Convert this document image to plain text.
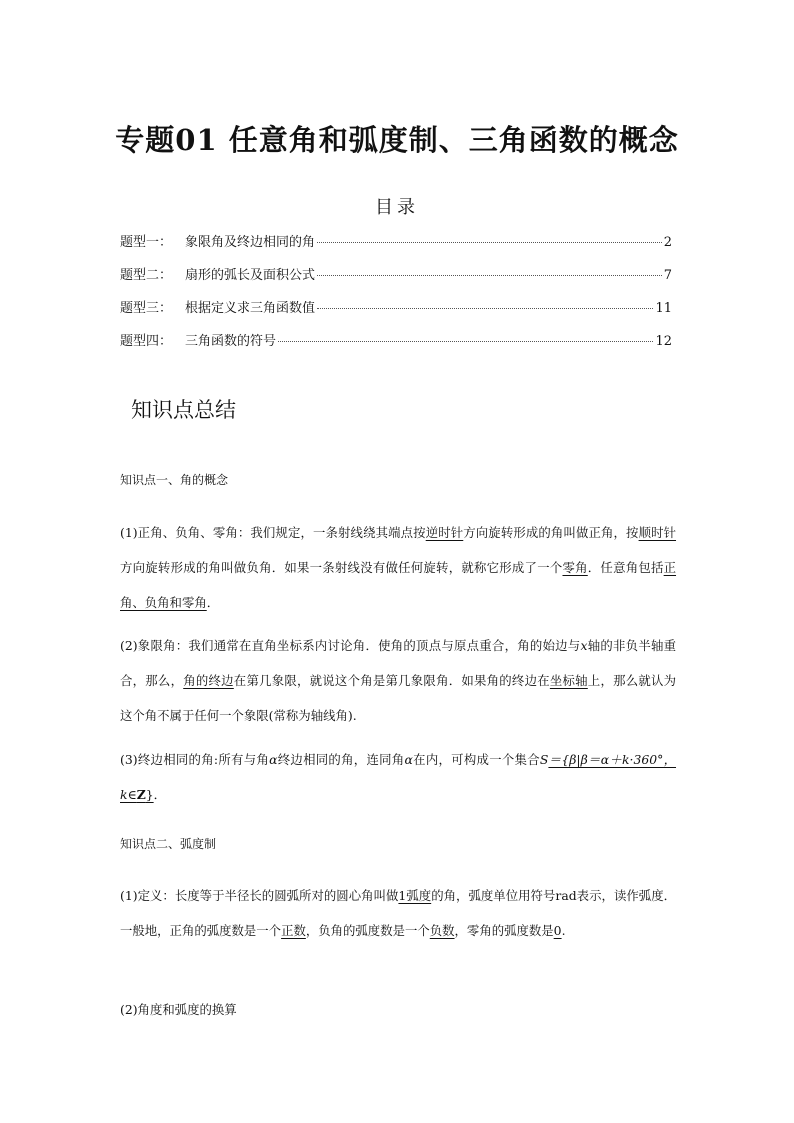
专题01 任意角和弧度制、三角函数的概念
目录
题型一： 象限角及终边相同的角	2
题型二： 扇形的弧长及面积公式	7
题型三： 根据定义求三角函数值	11
题型四： 三角函数的符号	12
知识点总结
知识点一、角的概念
(1)正角、负角、零角：我们规定，一条射线绕其端点按逆时针方向旋转形成的角叫做正角，按顺时针方向旋转形成的角叫做负角．如果一条射线没有做任何旋转，就称它形成了一个零角．任意角包括正角、负角和零角．
(2)象限角：我们通常在直角坐标系内讨论角．使角的顶点与原点重合，角的始边与x轴的非负半轴重合，那么，角的终边在第几象限，就说这个角是第几象限角．如果角的终边在坐标轴上，那么就认为这个角不属于任何一个象限(常称为轴线角).
(3)终边相同的角:所有与角α终边相同的角，连同角α在内，可构成一个集合S＝{β|β＝α＋k·360°，k∈Z}．
知识点二、弧度制
(1)定义：长度等于半径长的圆弧所对的圆心角叫做1弧度的角，弧度单位用符号rad表示，读作弧度．一般地，正角的弧度数是一个正数，负角的弧度数是一个负数，零角的弧度数是0.
(2)角度和弧度的换算
